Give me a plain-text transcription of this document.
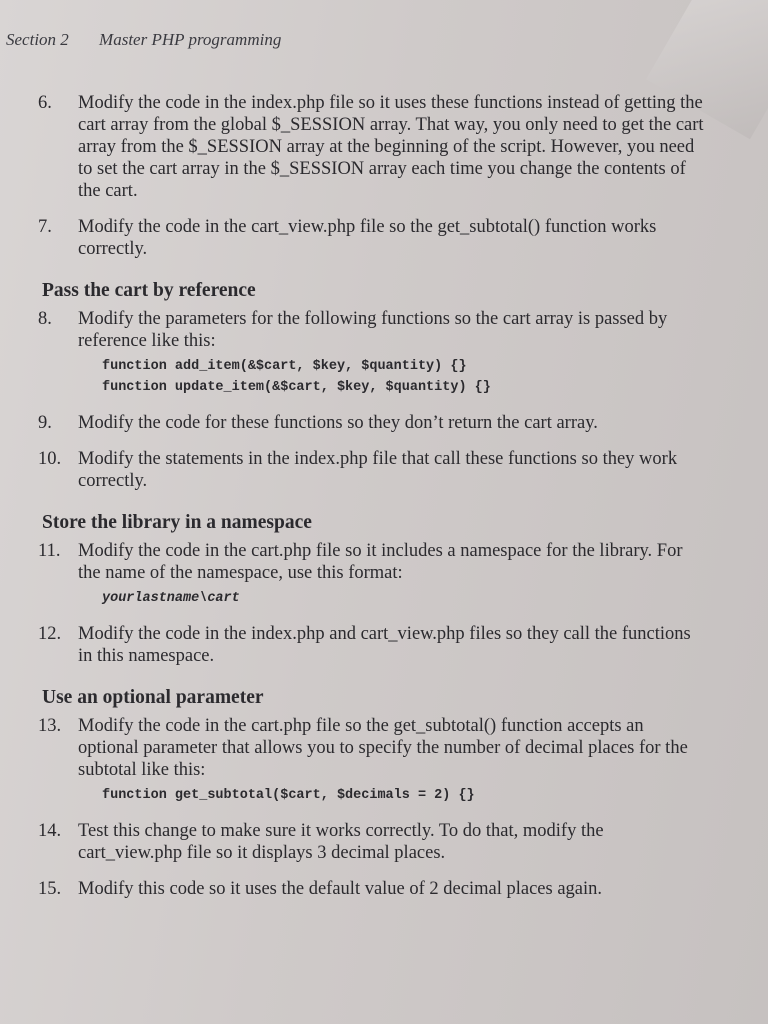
Section 2 Master PHP programming
6. Modify the code in the index.php file so it uses these functions instead of getting the cart array from the global $_SESSION array. That way, you only need to get the cart array from the $_SESSION array at the beginning of the script. However, you need to set the cart array in the $_SESSION array each time you change the contents of the cart.
7. Modify the code in the cart_view.php file so the get_subtotal() function works correctly.
Pass the cart by reference
8. Modify the parameters for the following functions so the cart array is passed by reference like this:
function add_item(&$cart, $key, $quantity) {}
function update_item(&$cart, $key, $quantity) {}
9. Modify the code for these functions so they don’t return the cart array.
10. Modify the statements in the index.php file that call these functions so they work correctly.
Store the library in a namespace
11. Modify the code in the cart.php file so it includes a namespace for the library. For the name of the namespace, use this format:
yourlastname\cart
12. Modify the code in the index.php and cart_view.php files so they call the functions in this namespace.
Use an optional parameter
13. Modify the code in the cart.php file so the get_subtotal() function accepts an optional parameter that allows you to specify the number of decimal places for the subtotal like this:
function get_subtotal($cart, $decimals = 2) {}
14. Test this change to make sure it works correctly. To do that, modify the cart_view.php file so it displays 3 decimal places.
15. Modify this code so it uses the default value of 2 decimal places again.
